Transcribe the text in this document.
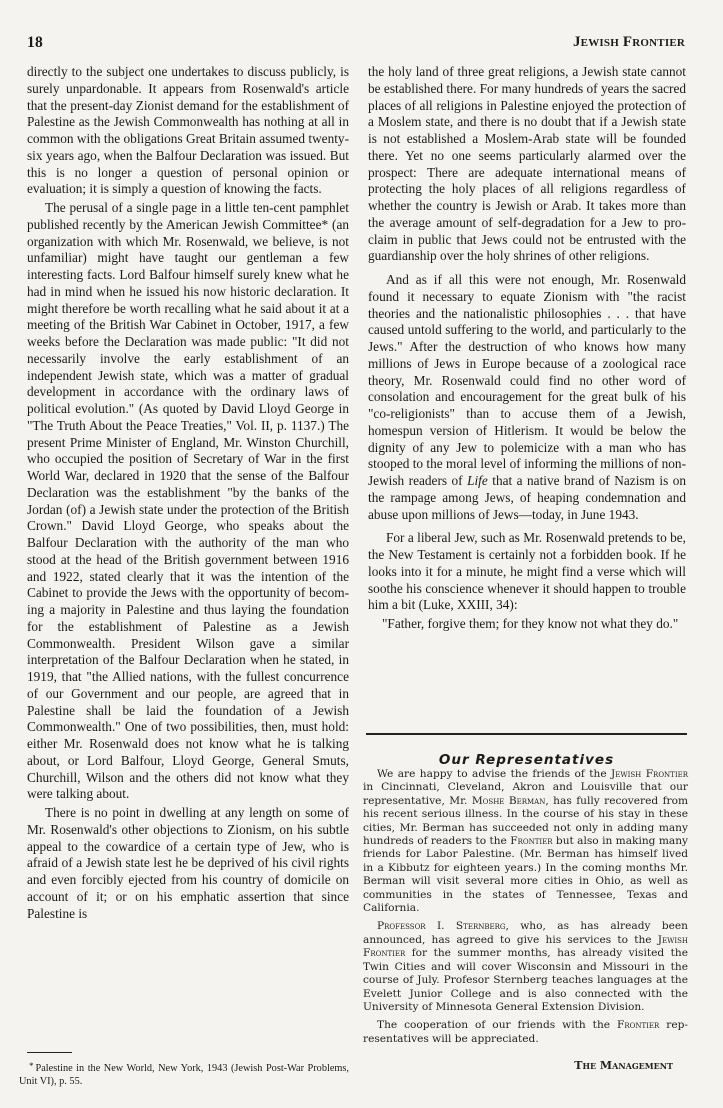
18	Jewish Frontier

directly to the subject one undertakes to discuss publicly, is surely unpardonable. It appears from Rosenwald's article that the present-day Zionist demand for the establishment of Palestine as the Jewish Commonwealth has nothing at all in common with the obligations Great Britain assumed twenty-six years ago, when the Balfour Declaration was issued. But this is no longer a question of personal opinion or evaluation; it is simply a question of knowing the facts.

The perusal of a single page in a little ten-cent pamphlet published recently by the American Jewish Committee* (an organization with which Mr. Rosenwald, we believe, is not unfamiliar) might have taught our gentleman a few interesting facts. Lord Balfour himself surely knew what he had in mind when he issued his now historic declaration. It might therefore be worth recalling what he said about it at a meeting of the British War Cabinet in October, 1917, a few weeks before the Declaration was made public: "It did not necessarily involve the early establishment of an independent Jewish state, which was a matter of gradual development in accordance with the ordinary laws of political evolution." (As quoted by David Lloyd George in "The Truth About the Peace Treaties," Vol. II, p. 1137.) The present Prime Minister of England, Mr. Winston Churchill, who occupied the position of Secretary of War in the first World War, declared in 1920 that the sense of the Balfour Declaration was the establishment "by the banks of the Jordan (of) a Jewish state under the protection of the British Crown." David Lloyd George, who speaks about the Balfour Declaration with the authority of the man who stood at the head of the British government between 1916 and 1922, stated clearly that it was the intention of the Cabinet to provide the Jews with the opportunity of becoming a majority in Palestine and thus laying the foundation for the establishment of Palestine as a Jewish Commonwealth. President Wilson gave a similar interpretation of the Balfour Declaration when he stated, in 1919, that "the Allied nations, with the fullest concurrence of our Government and our people, are agreed that in Palestine shall be laid the foundation of a Jewish Commonwealth." One of two possibilities, then, must hold: either Mr. Rosenwald does not know what he is talking about, or Lord Balfour, Lloyd George, General Smuts, Churchill, Wilson and the others did not know what they were talking about.

There is no point in dwelling at any length on some of Mr. Rosenwald's other objections to Zionism, on his subtle appeal to the cowardice of a certain type of Jew, who is afraid of a Jewish state lest he be deprived of his civil rights and even forcibly ejected from his country of domicile on account of it; or on his emphatic assertion that since Palestine is

* Palestine in the New World, New York, 1943 (Jewish Post-War Problems, Unit VI), p. 55.

the holy land of three great religions, a Jewish state cannot be established there. For many hundreds of years the sacred places of all religions in Palestine enjoyed the protection of a Moslem state, and there is no doubt that if a Jewish state is not established a Moslem-Arab state will be founded there. Yet no one seems particularly alarmed over the prospect: There are adequate international means of protecting the holy places of all religions regardless of whether the country is Jewish or Arab. It takes more than the average amount of self-degradation for a Jew to proclaim in public that Jews could not be entrusted with the guardianship over the holy shrines of other religions.

And as if all this were not enough, Mr. Rosenwald found it necessary to equate Zionism with "the racist theories and the nationalistic philosophies . . . that have caused untold suffering to the world, and particularly to the Jews." After the destruction of who knows how many millions of Jews in Europe because of a zoological race theory, Mr. Rosenwald could find no other word of consolation and encouragement for the great bulk of his "co-religionists" than to accuse them of a Jewish, homespun version of Hitlerism. It would be below the dignity of any Jew to polemicize with a man who has stooped to the moral level of informing the millions of non-Jewish readers of Life that a native brand of Nazism is on the rampage among Jews, of heaping condemnation and abuse upon millions of Jews—today, in June 1943.

For a liberal Jew, such as Mr. Rosenwald pretends to be, the New Testament is certainly not a forbidden book. If he looks into it for a minute, he might find a verse which will soothe his conscience whenever it should happen to trouble him a bit (Luke, XXIII, 34):

"Father, forgive them; for they know not what they do."

Our Representatives

We are happy to advise the friends of the Jewish Frontier in Cincinnati, Cleveland, Akron and Louisville that our representative, Mr. Moshe Berman, has fully recovered from his recent serious illness. In the course of his stay in these cities, Mr. Berman has succeeded not only in adding many hundreds of readers to the Frontier but also in making many friends for Labor Palestine. (Mr. Berman has himself lived in a Kibbutz for eighteen years.) In the coming months Mr. Berman will visit several more cities in Ohio, as well as communities in the states of Tennessee, Texas and California.

Professor I. Sternberg, who, as has already been announced, has agreed to give his services to the Jewish Frontier for the summer months, has already visited the Twin Cities and will cover Wisconsin and Missouri in the course of July. Profesor Sternberg teaches languages at the Evelett Junior College and is also connected with the University of Minnesota General Extension Division.

The cooperation of our friends with the Frontier representatives will be appreciated.

The Management
